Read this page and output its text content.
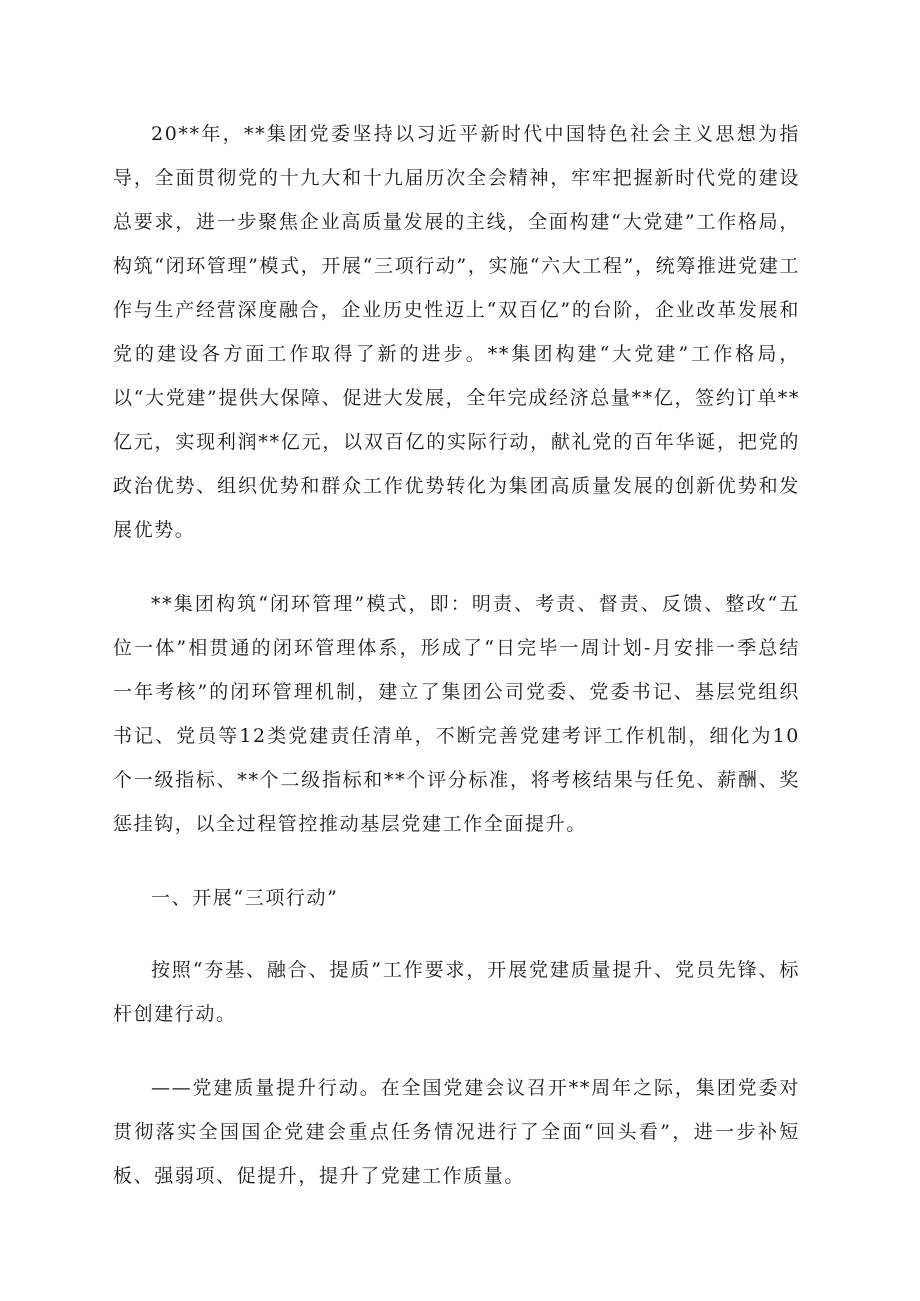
20**年，**集团党委坚持以习近平新时代中国特色社会主义思想为指导，全面贯彻党的十九大和十九届历次全会精神，牢牢把握新时代党的建设总要求，进一步聚焦企业高质量发展的主线，全面构建“大党建”工作格局，构筑“闭环管理”模式，开展“三项行动”，实施“六大工程”，统筹推进党建工作与生产经营深度融合，企业历史性迈上“双百亿”的台阶，企业改革发展和党的建设各方面工作取得了新的进步。**集团构建“大党建”工作格局，以“大党建”提供大保障、促进大发展，全年完成经济总量**亿，签约订单**亿元，实现利润**亿元，以双百亿的实际行动，献礼党的百年华诞，把党的政治优势、组织优势和群众工作优势转化为集团高质量发展的创新优势和发展优势。

**集团构筑“闭环管理”模式，即：明责、考责、督责、反馈、整改“五位一体”相贯通的闭环管理体系，形成了“日完毕一周计划-月安排一季总结一年考核”的闭环管理机制，建立了集团公司党委、党委书记、基层党组织书记、党员等12类党建责任清单，不断完善党建考评工作机制，细化为10个一级指标、**个二级指标和**个评分标准，将考核结果与任免、薪酬、奖惩挂钩，以全过程管控推动基层党建工作全面提升。

一、开展“三项行动”

按照“夯基、融合、提质”工作要求，开展党建质量提升、党员先锋、标杆创建行动。

——党建质量提升行动。在全国党建会议召开**周年之际，集团党委对贯彻落实全国国企党建会重点任务情况进行了全面“回头看”，进一步补短板、强弱项、促提升，提升了党建工作质量。
